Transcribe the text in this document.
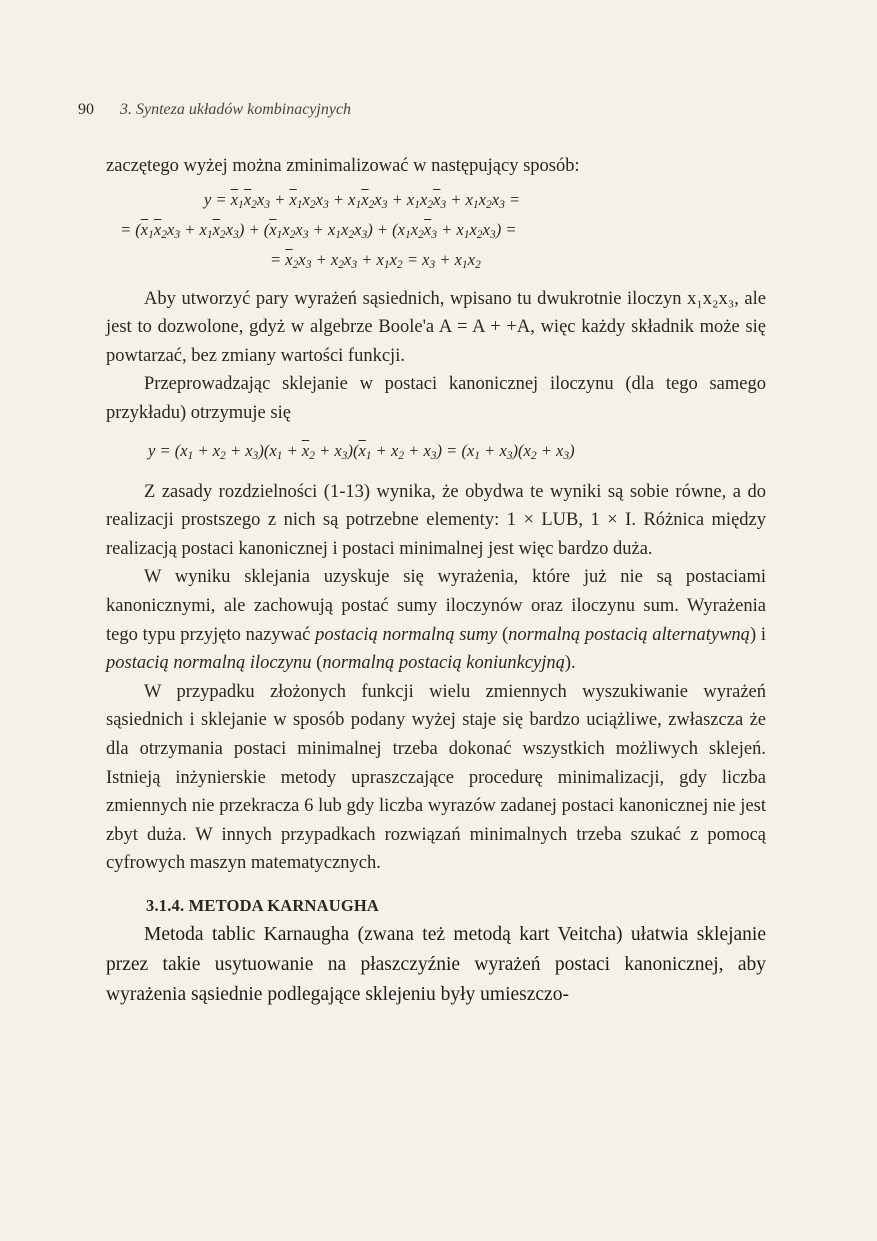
90 3. Synteza układów kombinacyjnych

zaczętego wyżej można zminimalizować w następujący sposób:

$y = \overline{x}_1\overline{x}_2x_3 + \overline{x}_1x_2x_3 + x_1\overline{x}_2x_3 + x_1x_2\overline{x}_3 + x_1x_2x_3$ =
= $(\overline{x}_1\overline{x}_2x_3 + x_1\overline{x}_2x_3) + (\overline{x}_1x_2x_3 + x_1x_2x_3) + (x_1x_2\overline{x}_3 + x_1x_2x_3)$ =
= $\overline{x}_2x_3 + x_2x_3 + x_1x_2 = x_3 + x_1x_2$

Aby utworzyć pary wyrażeń sąsiednich, wpisano tu dwukrotnie iloczyn x₁x₂x₃, ale jest to dozwolone, gdyż w algebrze Boole'a A = A + +A, więc każdy składnik może się powtarzać, bez zmiany wartości funkcji.

Przeprowadzając sklejanie w postaci kanonicznej iloczynu (dla tego samego przykładu) otrzymuje się

$y = (x_1 + x_2 + x_3)(x_1 + \overline{x}_2 + x_3)(\overline{x}_1 + x_2 + x_3) = (x_1 + x_3)(x_2 + x_3)$

Z zasady rozdzielności (1-13) wynika, że obydwa te wyniki są sobie równe, a do realizacji prostszego z nich są potrzebne elementy: 1 × LUB, 1 × I. Różnica między realizacją postaci kanonicznej i postaci minimalnej jest więc bardzo duża.

W wyniku sklejania uzyskuje się wyrażenia, które już nie są postaciami kanonicznymi, ale zachowują postać sumy iloczynów oraz iloczynu sum. Wyrażenia tego typu przyjęto nazywać postacią normalną sumy (normalną postacią alternatywną) i postacią normalną iloczynu (normalną postacią koniunkcyjną).

W przypadku złożonych funkcji wielu zmiennych wyszukiwanie wyrażeń sąsiednich i sklejanie w sposób podany wyżej staje się bardzo uciążliwe, zwłaszcza że dla otrzymania postaci minimalnej trzeba dokonać wszystkich możliwych sklejeń. Istnieją inżynierskie metody upraszczające procedurę minimalizacji, gdy liczba zmiennych nie przekracza 6 lub gdy liczba wyrazów zadanej postaci kanonicznej nie jest zbyt duża. W innych przypadkach rozwiązań minimalnych trzeba szukać z pomocą cyfrowych maszyn matematycznych.

3.1.4. METODA KARNAUGHA

Metoda tablic Karnaugha (zwana też metodą kart Veitcha) ułatwia sklejanie przez takie usytuowanie na płaszczyźnie wyrażeń postaci kanonicznej, aby wyrażenia sąsiednie podlegające sklejeniu były umieszczo-
